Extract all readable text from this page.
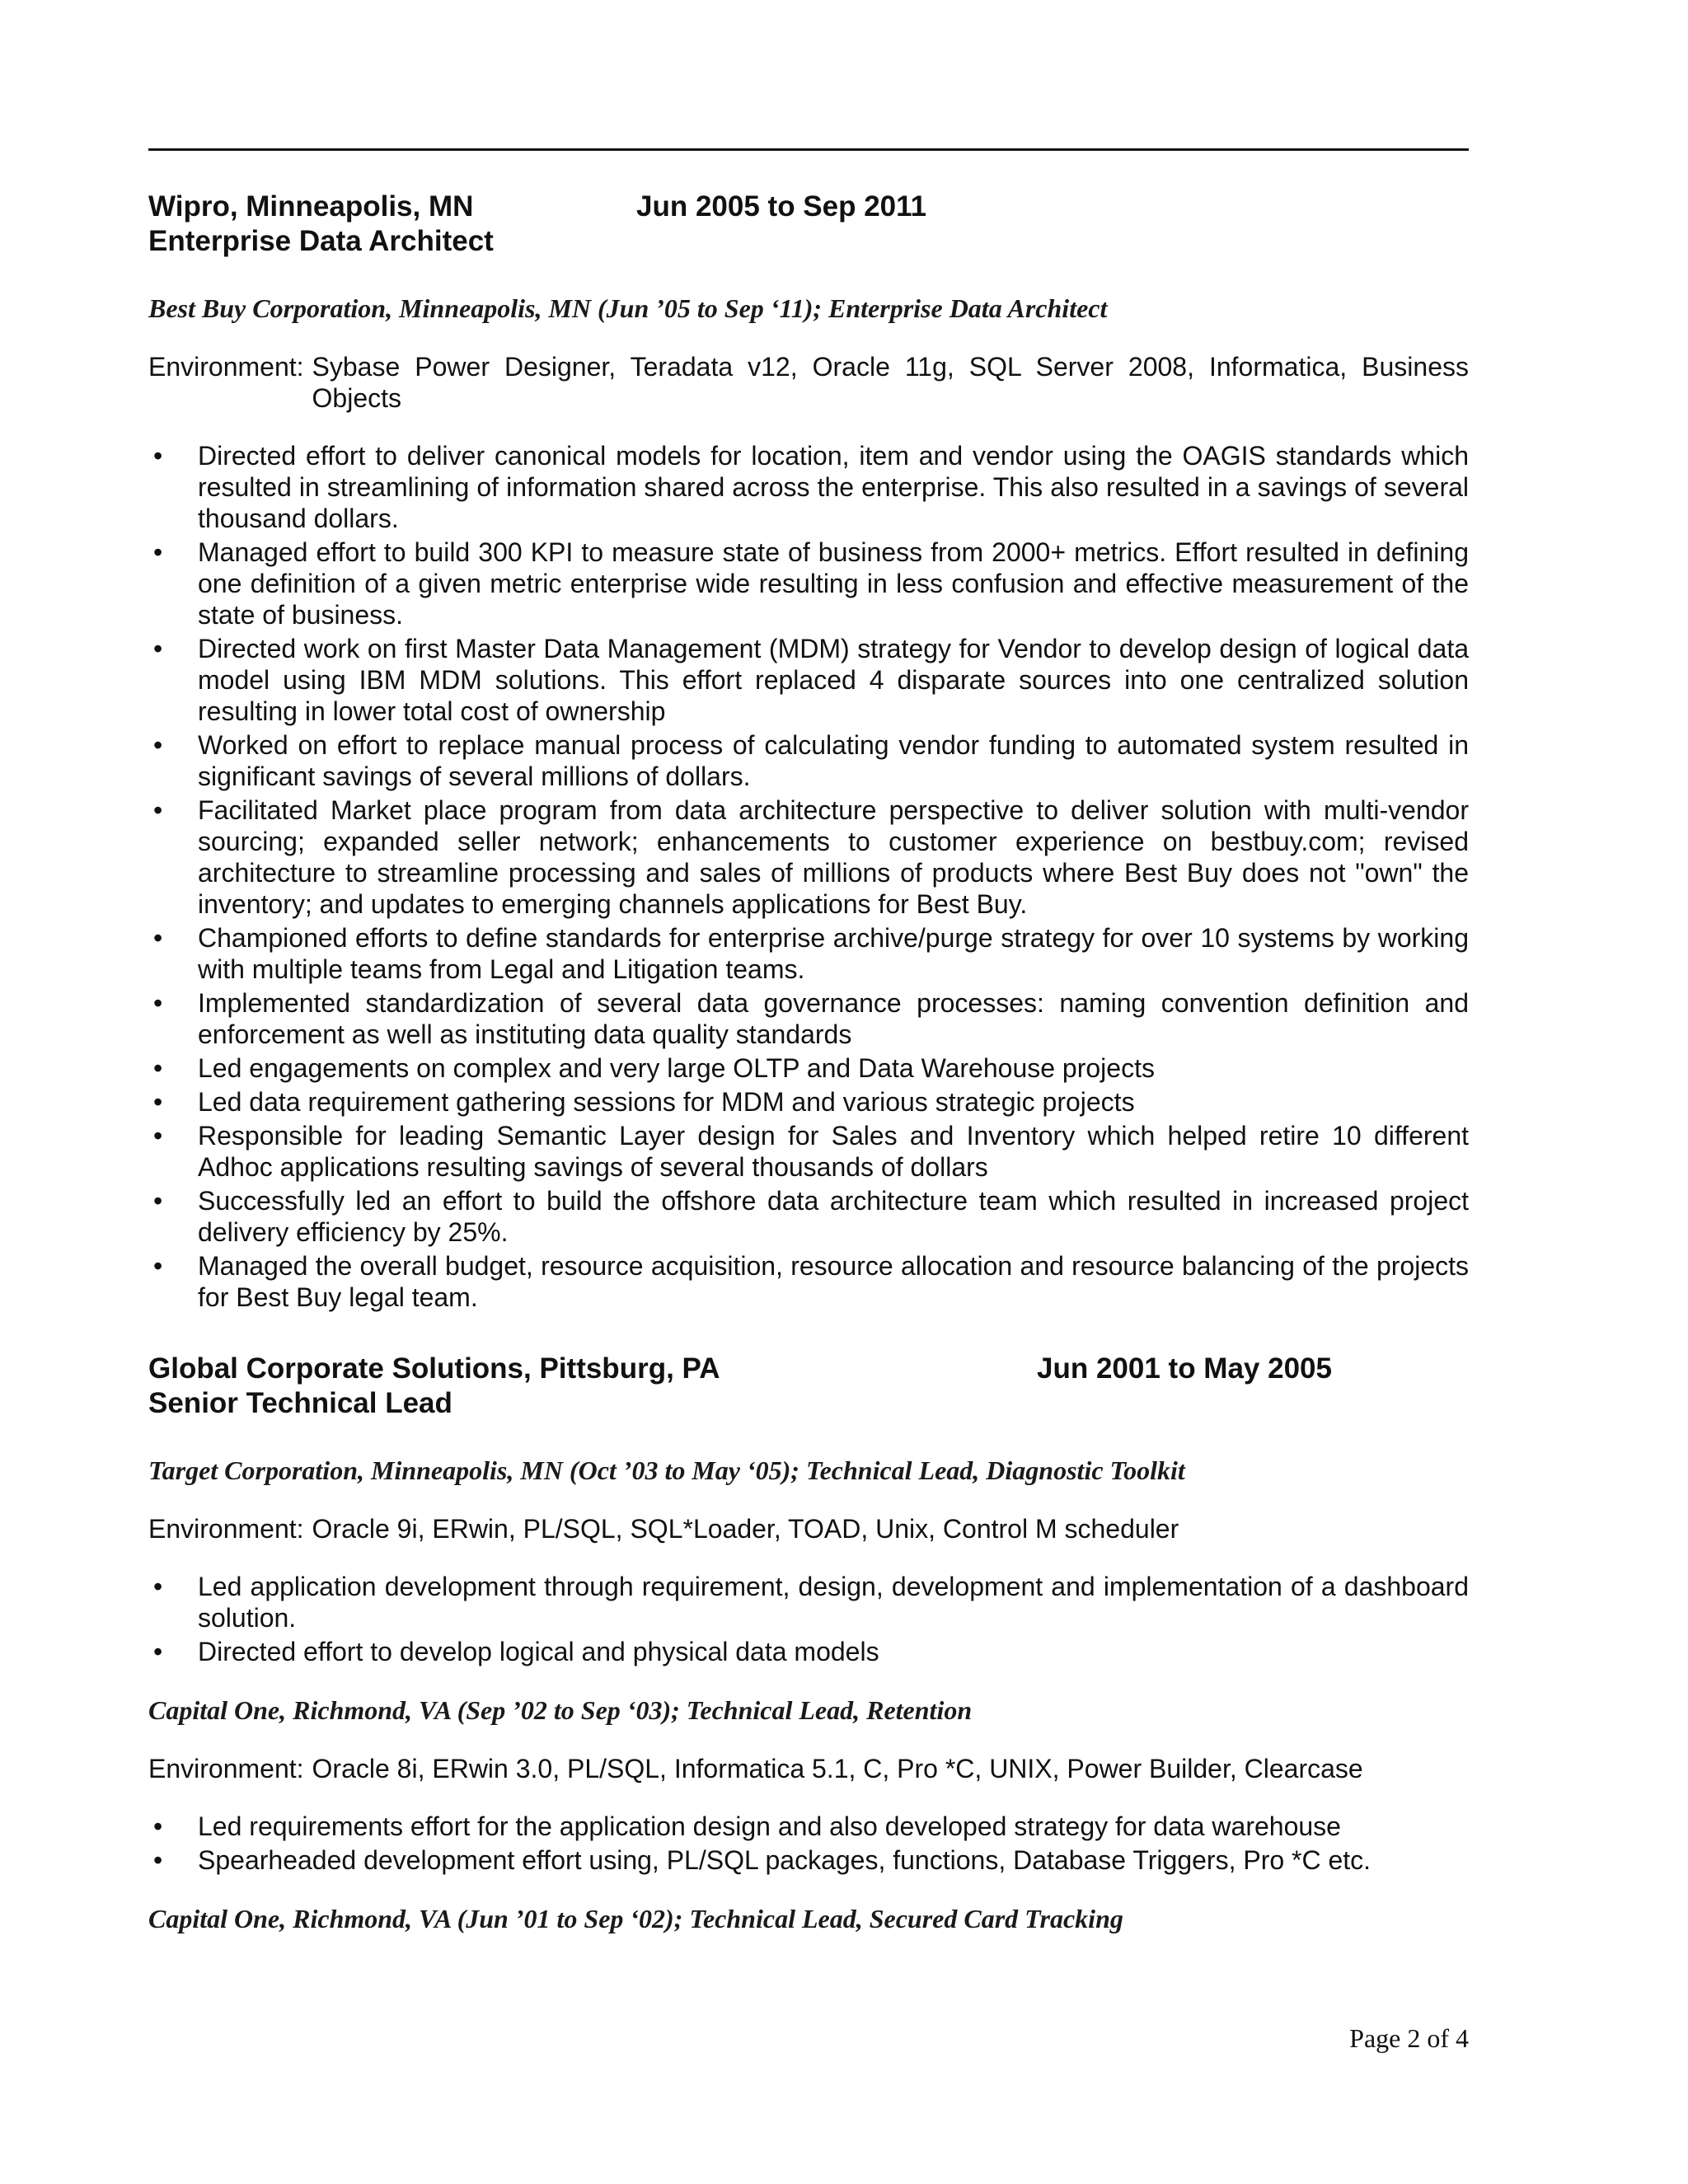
Wipro, Minneapolis, MN	Jun 2005 to Sep 2011
Enterprise Data Architect
Best Buy Corporation, Minneapolis, MN (Jun ’05 to Sep ‘11); Enterprise Data Architect
Environment: Sybase Power Designer, Teradata v12, Oracle 11g, SQL Server 2008, Informatica, Business Objects
• Directed effort to deliver canonical models for location, item and vendor using the OAGIS standards which resulted in streamlining of information shared across the enterprise. This also resulted in a savings of several thousand dollars.
• Managed effort to build 300 KPI to measure state of business from 2000+ metrics. Effort resulted in defining one definition of a given metric enterprise wide resulting in less confusion and effective measurement of the state of business.
• Directed work on first Master Data Management (MDM) strategy for Vendor to develop design of logical data model using IBM MDM solutions. This effort replaced 4 disparate sources into one centralized solution resulting in lower total cost of ownership
• Worked on effort to replace manual process of calculating vendor funding to automated system resulted in significant savings of several millions of dollars.
• Facilitated Market place program from data architecture perspective to deliver solution with multi-vendor sourcing; expanded seller network; enhancements to customer experience on bestbuy.com; revised architecture to streamline processing and sales of millions of products where Best Buy does not "own" the inventory; and updates to emerging channels applications for Best Buy.
• Championed efforts to define standards for enterprise archive/purge strategy for over 10 systems by working with multiple teams from Legal and Litigation teams.
• Implemented standardization of several data governance processes: naming convention definition and enforcement as well as instituting data quality standards
• Led engagements on complex and very large OLTP and Data Warehouse projects
• Led data requirement gathering sessions for MDM and various strategic projects
• Responsible for leading Semantic Layer design for Sales and Inventory which helped retire 10 different Adhoc applications resulting savings of several thousands of dollars
• Successfully led an effort to build the offshore data architecture team which resulted in increased project delivery efficiency by 25%.
• Managed the overall budget, resource acquisition, resource allocation and resource balancing of the projects for Best Buy legal team.
Global Corporate Solutions, Pittsburg, PA	Jun 2001 to May 2005
Senior Technical Lead
Target Corporation, Minneapolis, MN (Oct ’03 to May ‘05); Technical Lead, Diagnostic Toolkit
Environment: Oracle 9i, ERwin, PL/SQL, SQL*Loader, TOAD, Unix, Control M scheduler
• Led application development through requirement, design, development and implementation of a dashboard solution.
• Directed effort to develop logical and physical data models
Capital One, Richmond, VA (Sep ’02 to Sep ‘03); Technical Lead, Retention
Environment: Oracle 8i, ERwin 3.0, PL/SQL, Informatica 5.1, C, Pro *C, UNIX, Power Builder, Clearcase
• Led requirements effort for the application design and also developed strategy for data warehouse
• Spearheaded development effort using, PL/SQL packages, functions, Database Triggers, Pro *C etc.
Capital One, Richmond, VA (Jun ’01 to Sep ‘02); Technical Lead, Secured Card Tracking
Page 2 of 4
